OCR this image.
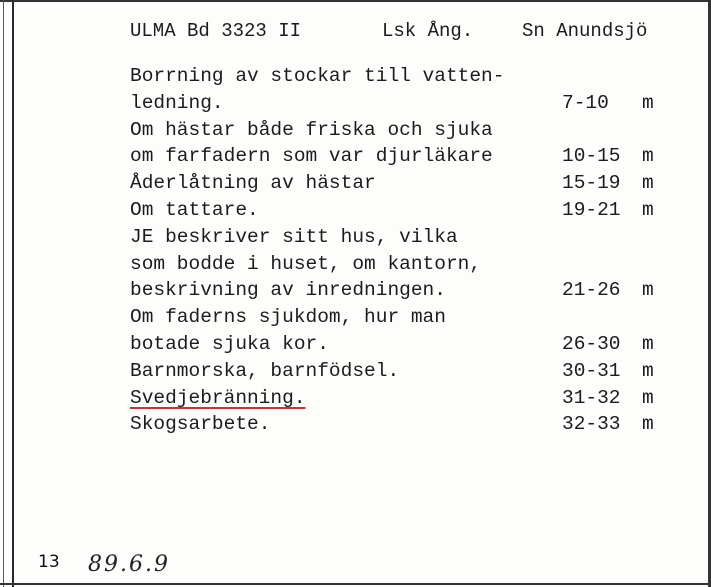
ULMA Bd 3323 II	Lsk Ång.	Sn Anundsjö
Borrning av stockar till vatten-
ledning.	7-10 m
Om hästar både friska och sjuka
om farfadern som var djurläkare	10-15 m
Åderlåtning av hästar	15-19 m
Om tattare.	19-21 m
JE beskriver sitt hus, vilka
som bodde i huset, om kantorn,
beskrivning av inredningen.	21-26 m
Om faderns sjukdom, hur man
botade sjuka kor.	26-30 m
Barnmorska, barnfödsel.	30-31 m
Svedjebränning.	31-32 m
Skogsarbete.	32-33 m
13 89.6.9
